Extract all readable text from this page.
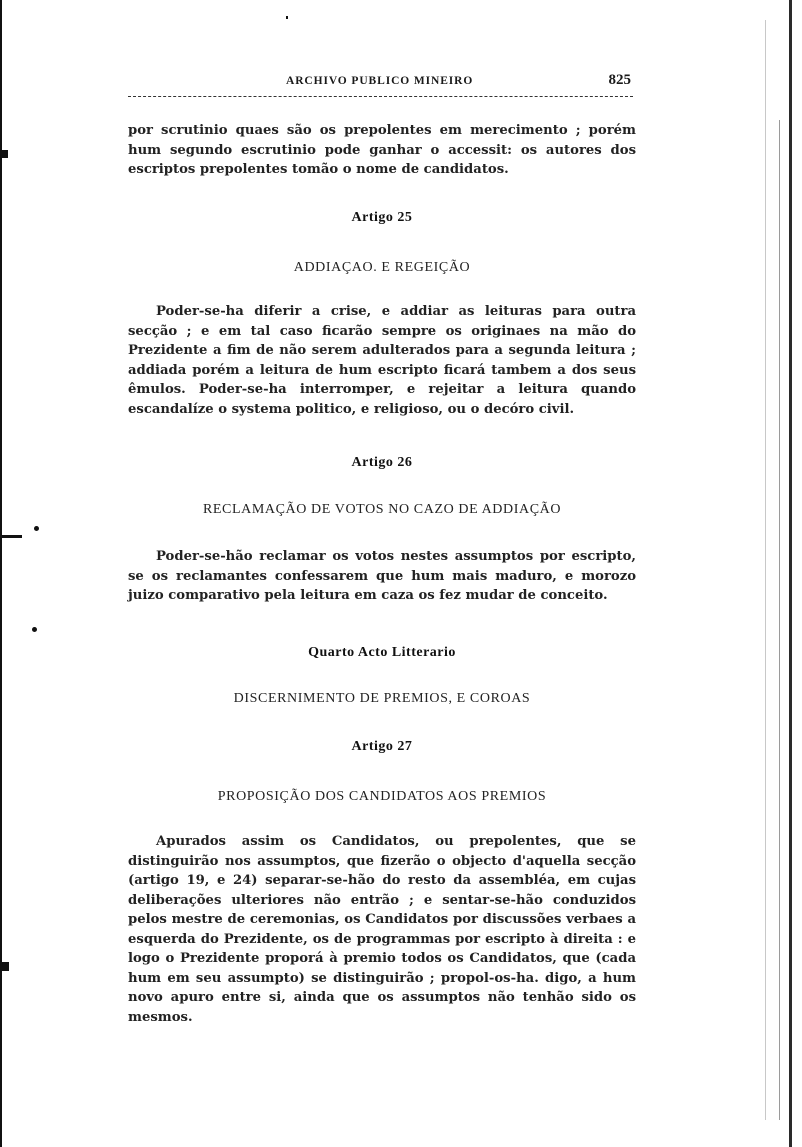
ARCHIVO PUBLICO MINEIRO	825

por scrutinio quaes são os prepolentes em merecimento ; porém hum segundo escrutinio pode ganhar o accessit: os autores dos escriptos prepolentes tomão o nome de candidatos.

Artigo 25
ADDIAÇAO. E REGEIÇÃO

Poder-se-ha diferir a crise, e addiar as leituras para outra secção ; e em tal caso ficarão sempre os originaes na mão do Prezidente a fim de não serem adulterados para a segunda leitura ; addiada porém a leitura de hum escripto ficará tambem a dos seus êmulos. Poder-se-ha interromper, e rejeitar a leitura quando escandalíze o systema politico, e religioso, ou o decóro civil.

Artigo 26
RECLAMAÇÃO DE VOTOS NO CAZO DE ADDIAÇÃO

Poder-se-hão reclamar os votos nestes assumptos por escripto, se os reclamantes confessarem que hum mais maduro, e morozo juizo comparativo pela leitura em caza os fez mudar de conceito.

Quarto Acto Litterario
DISCERNIMENTO DE PREMIOS, E COROAS
Artigo 27
PROPOSIÇÃO DOS CANDIDATOS AOS PREMIOS

Apurados assim os Candidatos, ou prepolentes, que se distinguirão nos assumptos, que fizerão o objecto d'aquella secção (artigo 19, e 24) separar-se-hão do resto da assembléa, em cujas deliberações ulteriores não entrão ; e sentar-se-hão conduzidos pelos mestre de ceremonias, os Candidatos por discussões verbaes a esquerda do Prezidente, os de programmas por escripto à direita : e logo o Prezidente proporá à premio todos os Candidatos, que (cada hum em seu assumpto) se distinguirão ; propol-os-ha. digo, a hum novo apuro entre si, ainda que os assumptos não tenhão sido os mesmos.
